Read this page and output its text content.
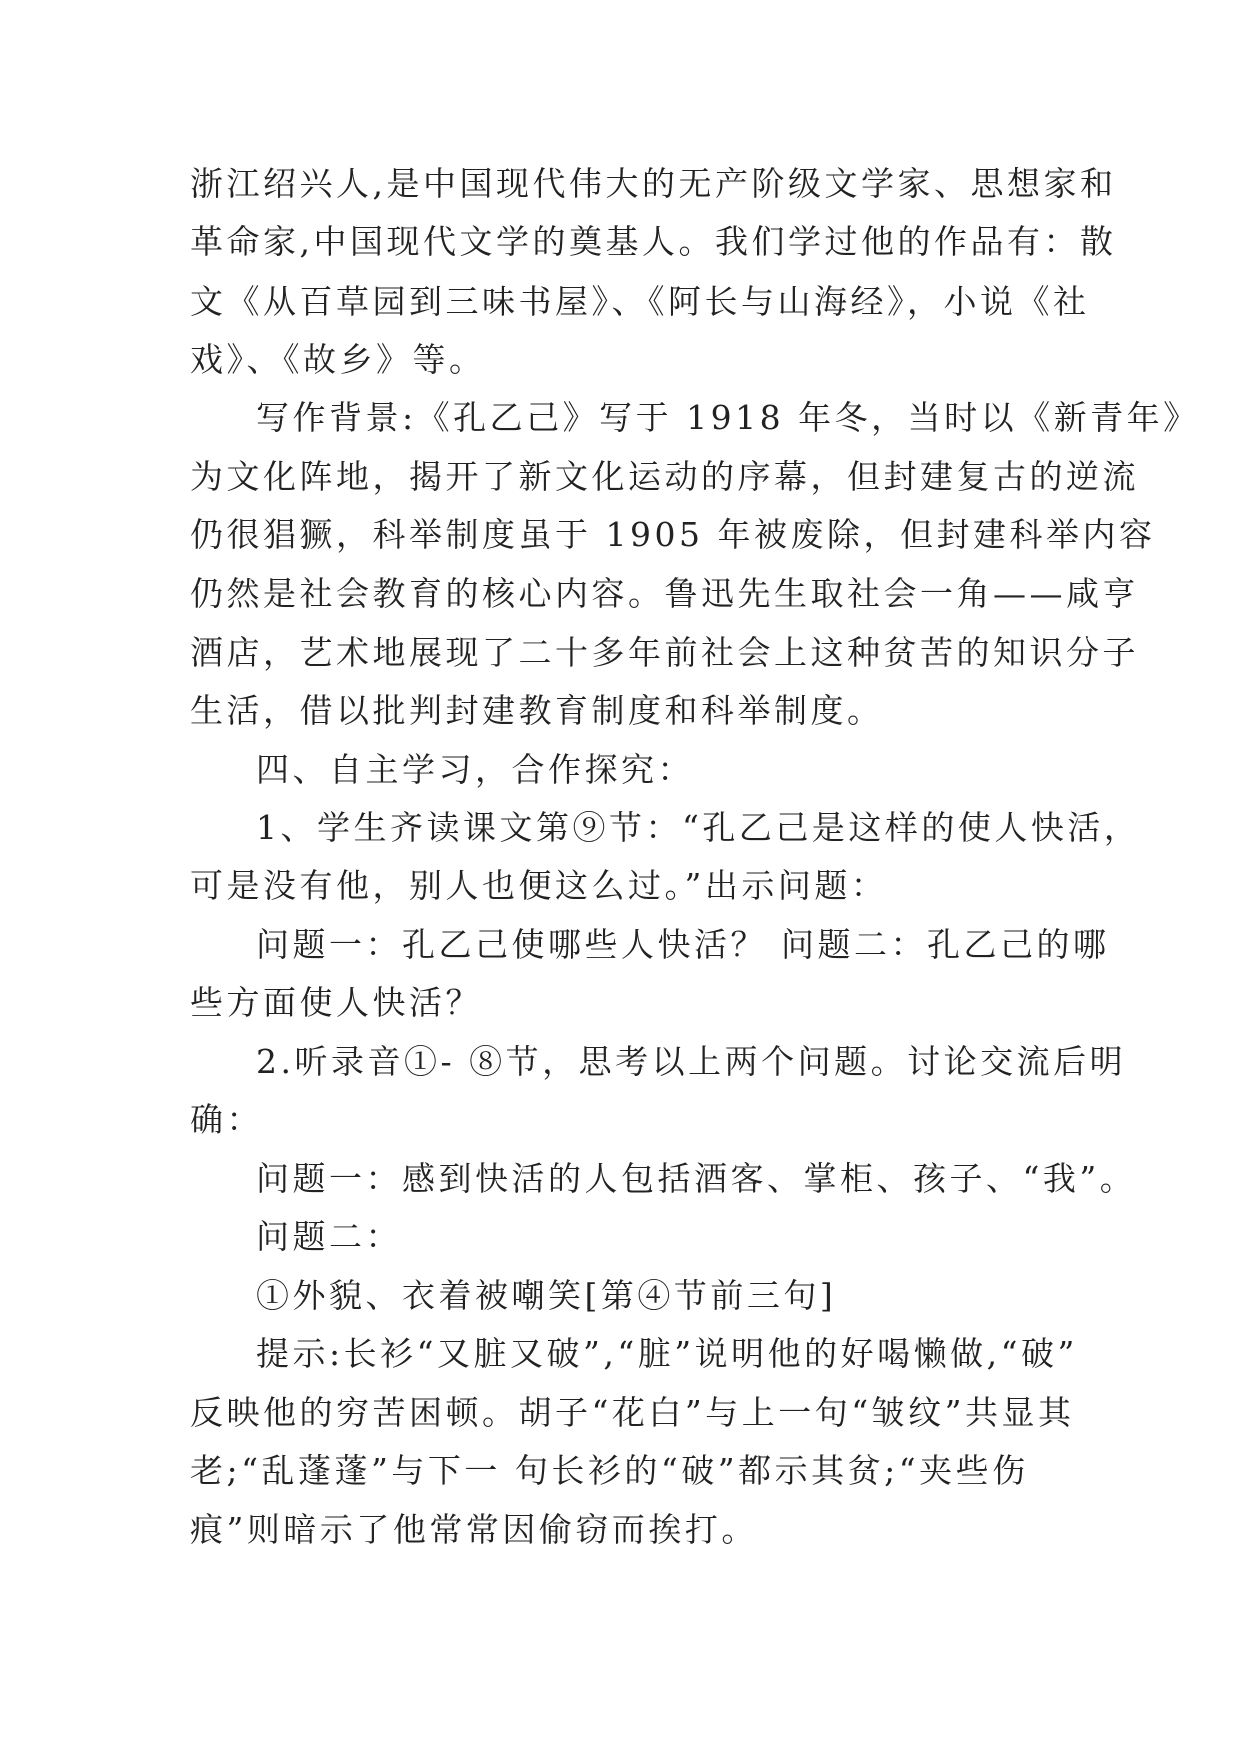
浙江绍兴人,是中国现代伟大的无产阶级文学家、思想家和
革命家,中国现代文学的奠基人。我们学过他的作品有：散
文《从百草园到三味书屋》、《阿长与山海经》，小说《社
戏》、《故乡》等。
写作背景:《孔乙己》写于 1918 年冬，当时以《新青年》
为文化阵地，揭开了新文化运动的序幕，但封建复古的逆流
仍很猖獗，科举制度虽于 1905 年被废除，但封建科举内容
仍然是社会教育的核心内容。鲁迅先生取社会一角——咸亨
酒店，艺术地展现了二十多年前社会上这种贫苦的知识分子
生活，借以批判封建教育制度和科举制度。
四、自主学习，合作探究：
1、学生齐读课文第⑨节：“孔乙己是这样的使人快活，
可是没有他，别人也便这么过。”出示问题：
问题一：孔乙己使哪些人快活？ 问题二：孔乙己的哪
些方面使人快活？
2.听录音①- ⑧节，思考以上两个问题。讨论交流后明
确：
问题一：感到快活的人包括酒客、掌柜、孩子、“我”。
问题二：
①外貌、衣着被嘲笑[第④节前三句]
提示:长衫“又脏又破”,“脏”说明他的好喝懒做,“破”
反映他的穷苦困顿。胡子“花白”与上一句“皱纹”共显其
老;“乱蓬蓬”与下一 句长衫的“破”都示其贫;“夹些伤
痕”则暗示了他常常因偷窃而挨打。
